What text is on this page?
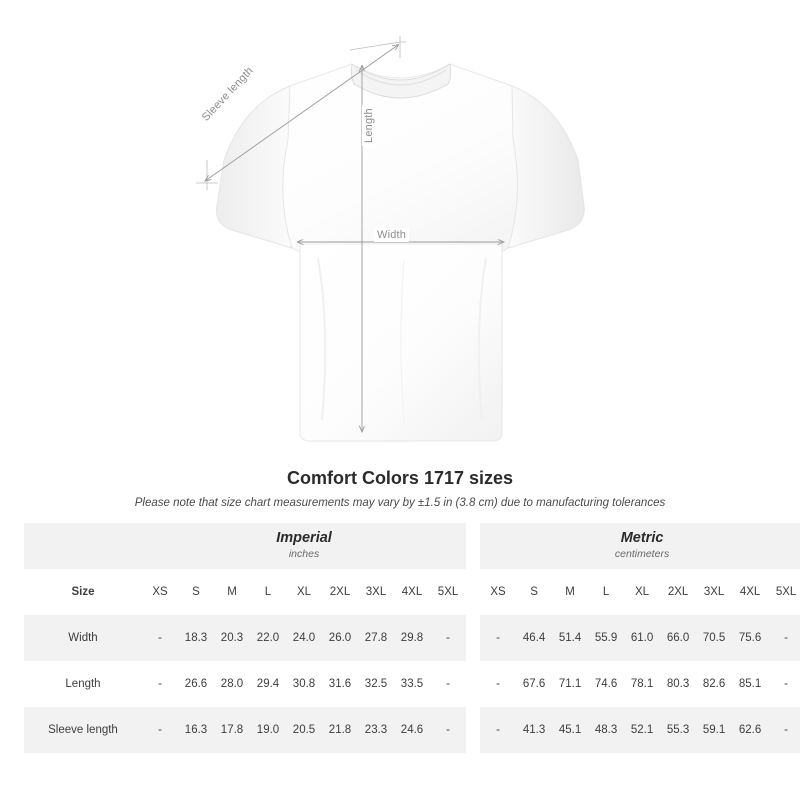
Sleeve length
Length
Width
Comfort Colors 1717 sizes

Please note that size chart measurements may vary by ±1.5 in (3.8 cm) due to manufacturing tolerances

Imperial
inches

Metric
centimeters

Size	XS	S	M	L	XL	2XL	3XL	4XL	5XL		XS	S	M	L	XL	2XL	3XL	4XL	5XL
Width	-	18.3	20.3	22.0	24.0	26.0	27.8	29.8	-		-	46.4	51.4	55.9	61.0	66.0	70.5	75.6	-
Length	-	26.6	28.0	29.4	30.8	31.6	32.5	33.5	-		-	67.6	71.1	74.6	78.1	80.3	82.6	85.1	-
Sleeve length	-	16.3	17.8	19.0	20.5	21.8	23.3	24.6	-		-	41.3	45.1	48.3	52.1	55.3	59.1	62.6	-
